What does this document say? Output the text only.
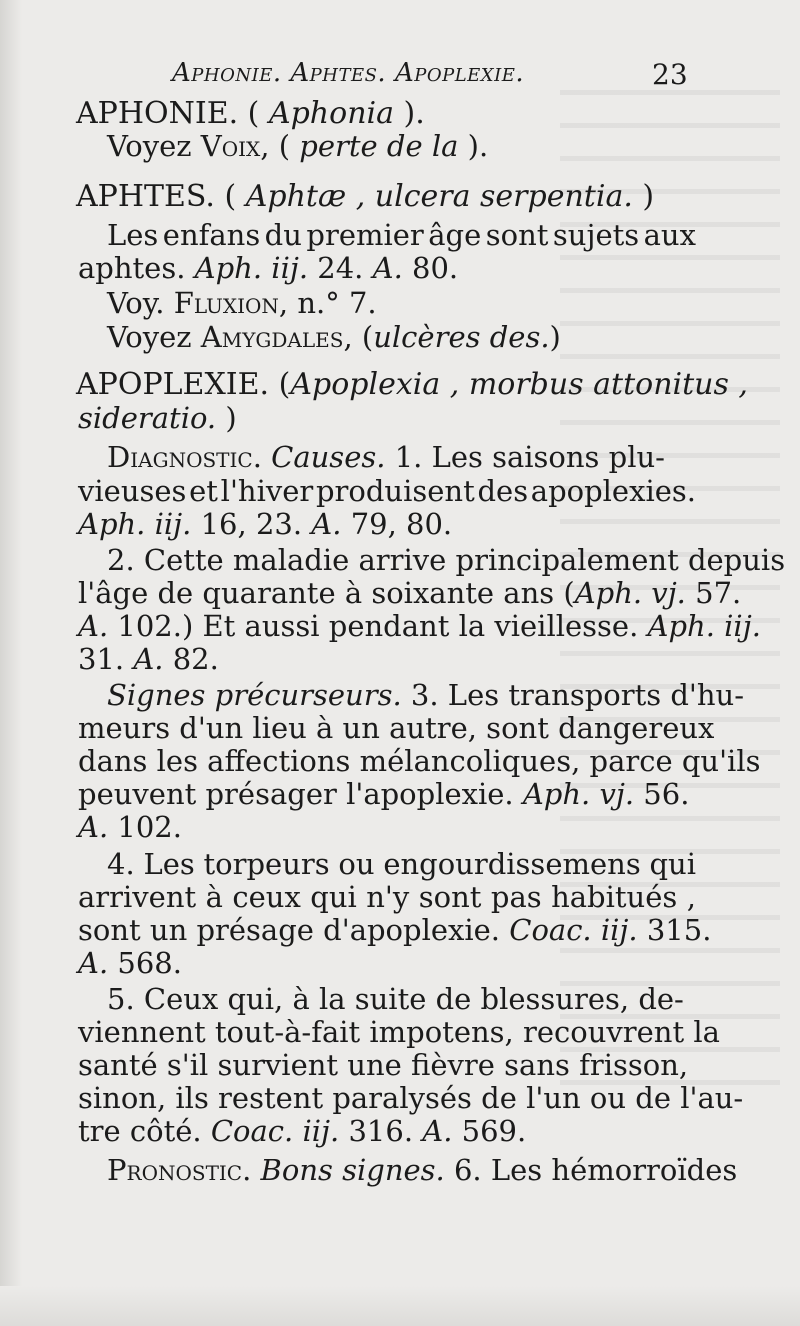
Aphonie. Aphtes. Apoplexie.	23
APHONIE. ( Aphonia ).
Voyez Voix, ( perte de la ).
APHTES. ( Aphtæ , ulcera serpentia. )
Les enfans du premier âge sont sujets aux
aphtes. Aph. iij. 24. A. 80.
Voy. Fluxion, n.° 7.
Voyez Amygdales, (ulcères des.)
APOPLEXIE. (Apoplexia , morbus attonitus ,
sideratio. )
Diagnostic. Causes. 1. Les saisons plu-
vieuses et l'hiver produisent des apoplexies.
Aph. iij. 16, 23. A. 79, 80.
2. Cette maladie arrive principalement depuis
l'âge de quarante à soixante ans (Aph. vj. 57.
A. 102.) Et aussi pendant la vieillesse. Aph. iij.
31. A. 82.
Signes précurseurs. 3. Les transports d'hu-
meurs d'un lieu à un autre, sont dangereux
dans les affections mélancoliques, parce qu'ils
peuvent présager l'apoplexie. Aph. vj. 56.
A. 102.
4. Les torpeurs ou engourdissemens qui
arrivent à ceux qui n'y sont pas habitués ,
sont un présage d'apoplexie. Coac. iij. 315.
A. 568.
5. Ceux qui, à la suite de blessures, de-
viennent tout-à-fait impotens, recouvrent la
santé s'il survient une fièvre sans frisson,
sinon, ils restent paralysés de l'un ou de l'au-
tre côté. Coac. iij. 316. A. 569.
Pronostic. Bons signes. 6. Les hémorroïdes
